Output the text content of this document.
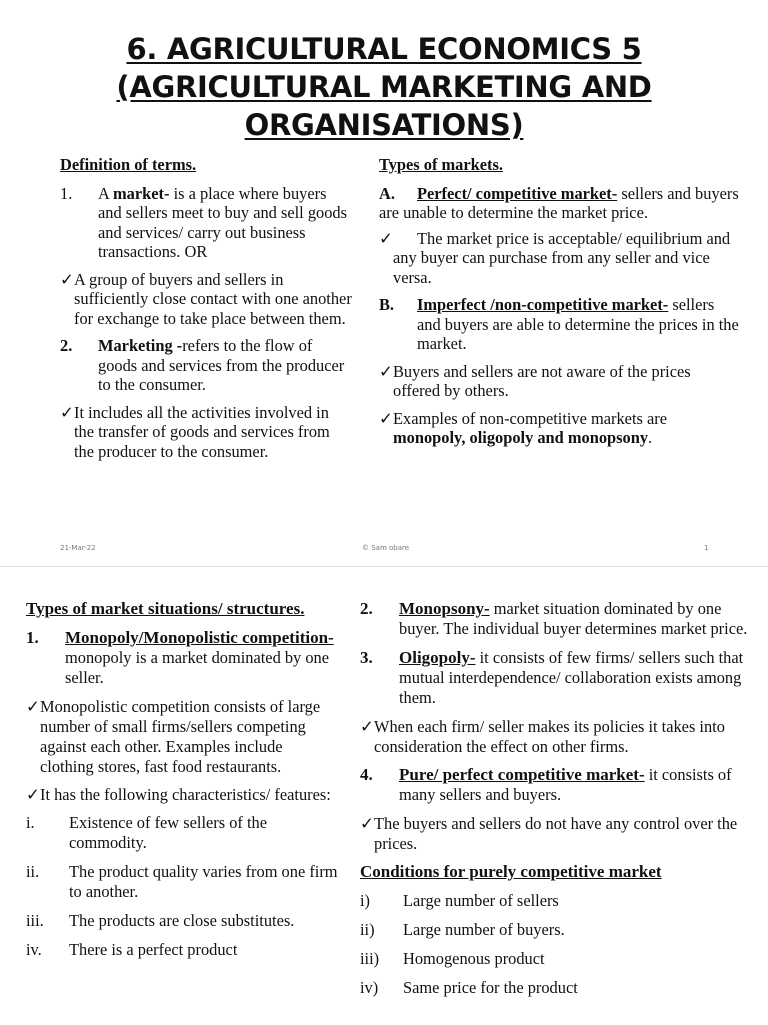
6. AGRICULTURAL ECONOMICS 5 (AGRICULTURAL MARKETING AND ORGANISATIONS)

Definition of terms.

1. A market- is a place where buyers and sellers meet to buy and sell goods and services/ carry out business transactions. OR

✓ A group of buyers and sellers in sufficiently close contact with one another for exchange to take place between them.

2. Marketing -refers to the flow of goods and services from the producer to the consumer.

✓ It includes all the activities involved in the transfer of goods and services from the producer to the consumer.

Types of markets.

A. Perfect/ competitive market- sellers and buyers are unable to determine the market price.

✓ The market price is acceptable/ equilibrium and any buyer can purchase from any seller and vice versa.

B. Imperfect /non-competitive market- sellers and buyers are able to determine the prices in the market.

✓ Buyers and sellers are not aware of the prices offered by others.

✓ Examples of non-competitive markets are monopoly, oligopoly and monopsony.

21-Mar-22	© Sam obare	1

Types of market situations/ structures.

1. Monopoly/Monopolistic competition- monopoly is a market dominated by one seller.

✓ Monopolistic competition consists of large number of small firms/sellers competing against each other. Examples include clothing stores, fast food restaurants.

✓ It has the following characteristics/ features:

i. Existence of few sellers of the commodity.

ii. The product quality varies from one firm to another.

iii. The products are close substitutes.

iv. There is a perfect product

2. Monopsony- market situation dominated by one buyer. The individual buyer determines market price.

3. Oligopoly- it consists of few firms/ sellers such that mutual interdependence/ collaboration exists among them.

✓ When each firm/ seller makes its policies it takes into consideration the effect on other firms.

4. Pure/ perfect competitive market- it consists of many sellers and buyers.

✓ The buyers and sellers do not have any control over the prices.

Conditions for purely competitive market

i) Large number of sellers

ii) Large number of buyers.

iii) Homogenous product

iv) Same price for the product
